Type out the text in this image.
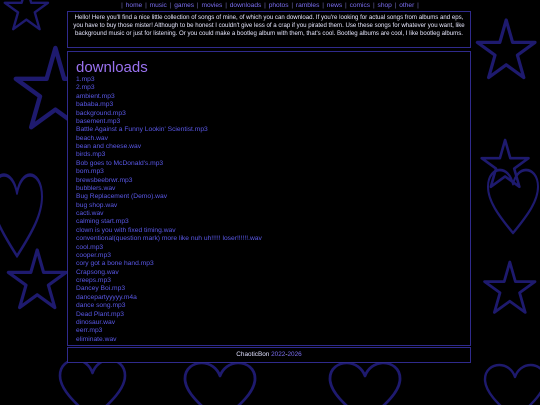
| home | music | games | movies | downloads | photos | rambles | news | comics | shop | other |
Hello! Here you'll find a nice little collection of songs of mine, of which you can download. If you're looking for actual songs from albums and eps, you have to buy those mister! Although to be honest I couldn't give less of a crap if you pirated them. Use these songs for whatever you want, like background music or just for listening. Or you could make a bootleg album with them, that's cool. Bootleg albums are cool, I like bootleg albums.
downloads
1.mp3
2.mp3
ambient.mp3
bababa.mp3
background.mp3
basement.mp3
Battle Against a Funny Lookin' Scientist.mp3
beach.wav
bean and cheese.wav
birds.mp3
Bob goes to McDonald's.mp3
bom.mp3
brewsbeebrwr.mp3
bubblers.wav
Bug Replacement (Demo).wav
bug shop.wav
cacti.wav
calming start.mp3
clown is you with fixed timing.wav
conventional(question mark) more like nuh uh!!!!! loser!!!!!!.wav
cool.mp3
cooper.mp3
cory got a bone hand.mp3
Crapsong.wav
creeps.mp3
Dancey Boi.mp3
dancepartyyyyy.m4a
dance song.mp3
Dead Plant.mp3
dinosaur.wav
eerr.mp3
eliminate.wav
ChaoticBon 2022-2026
